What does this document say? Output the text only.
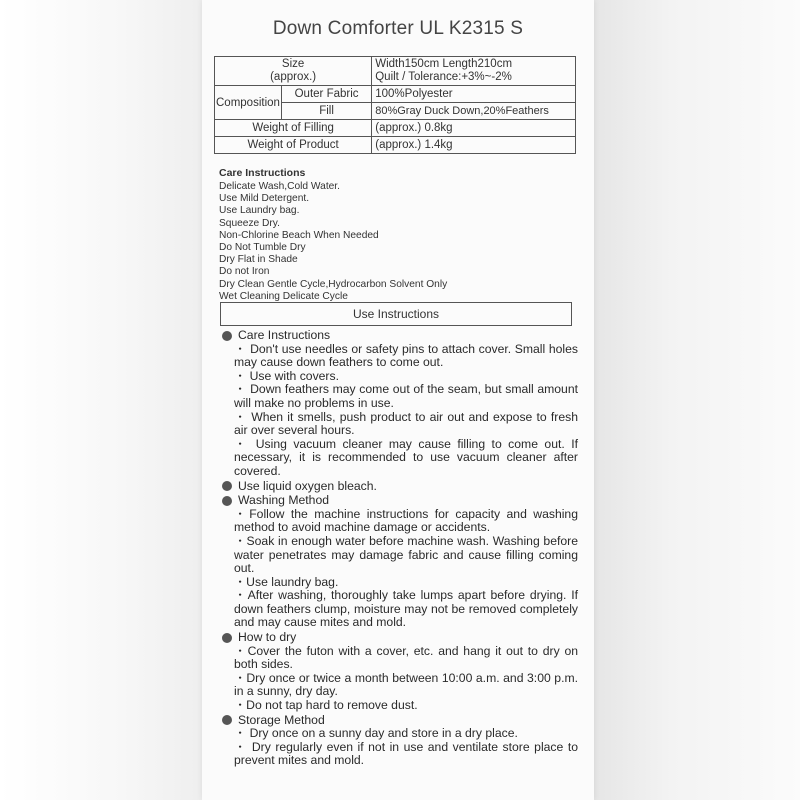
Down Comforter UL K2315 S
Size
(approx.)		Width150cm Length210cm
Quilt / Tolerance:+3%~-2%
Composition	Outer Fabric	100%Polyester
	Fill	80%Gray Duck Down,20%Feathers
Weight of Filling		(approx.) 0.8kg
Weight of Product		(approx.) 1.4kg
Care Instructions
Delicate Wash,Cold Water.
Use Mild Detergent.
Use Laundry bag.
Squeeze Dry.
Non-Chlorine Beach When Needed
Do Not Tumble Dry
Dry Flat in Shade
Do not Iron
Dry Clean Gentle Cycle,Hydrocarbon Solvent Only
Wet Cleaning Delicate Cycle
Use Instructions
Care Instructions

・ Don't use needles or safety pins to attach cover. Small holes may cause down feathers to come out.

・ Use with covers.

・ Down feathers may come out of the seam, but small amount will make no problems in use.

・ When it smells, push product to air out and expose to fresh air over several hours.

・ Using vacuum cleaner may cause filling to come out. If necessary, it is recommended to use vacuum cleaner after covered.

Use liquid oxygen bleach.
Washing Method

・Follow the machine instructions for capacity and washing method to avoid machine damage or accidents.

・Soak in enough water before machine wash. Washing before water penetrates may damage fabric and cause filling coming out.

・Use laundry bag.

・After washing, thoroughly take lumps apart before drying. If down feathers clump, moisture may not be removed completely and may cause mites and mold.

How to dry

・Cover the futon with a cover, etc. and hang it out to dry on both sides.

・Dry once or twice a month between 10:00 a.m. and 3:00 p.m. in a sunny, dry day.

・Do not tap hard to remove dust.

Storage Method

・ Dry once on a sunny day and store in a dry place.

・ Dry regularly even if not in use and ventilate store place to prevent mites and mold.
